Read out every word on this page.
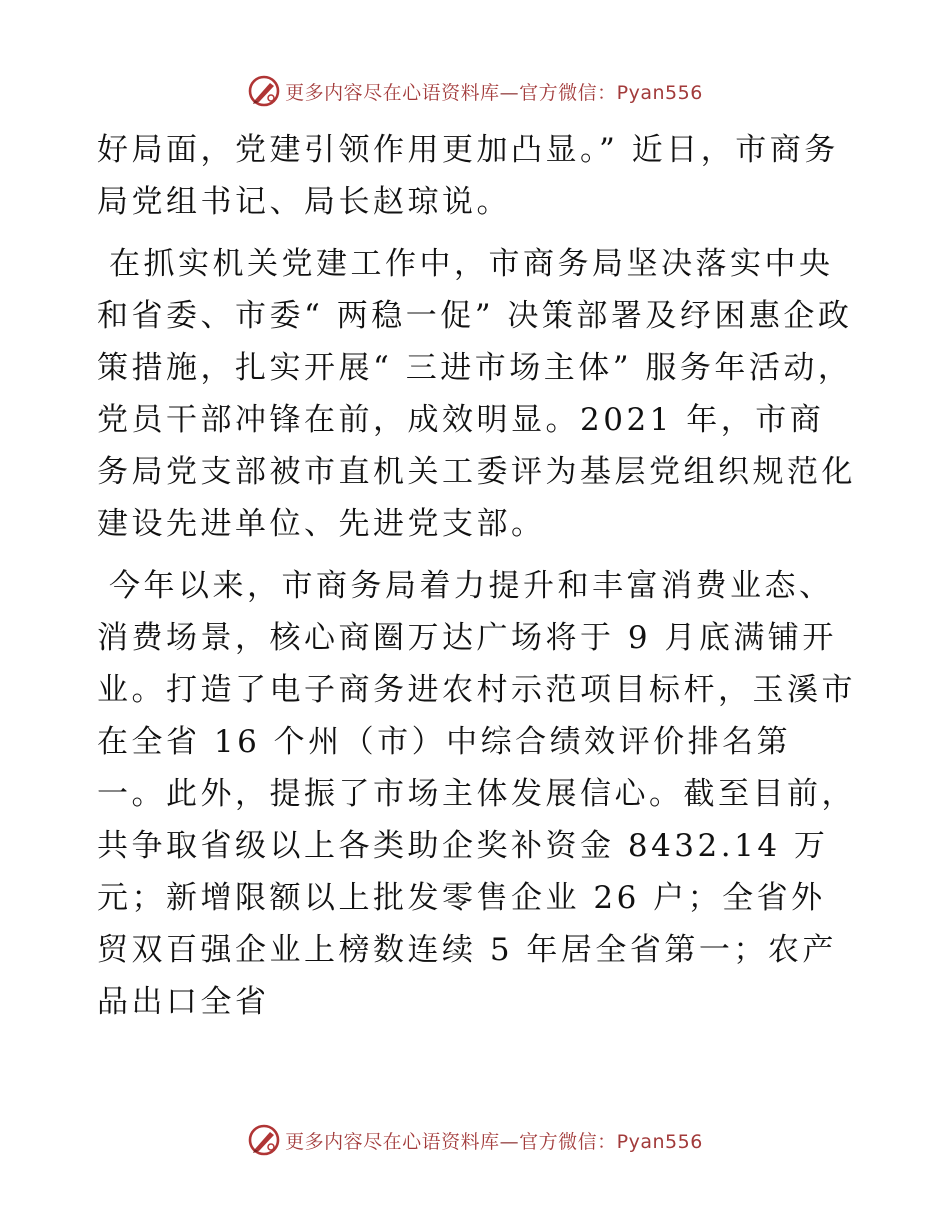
更多内容尽在心语资料库—官方微信：Pyan556

好局面，党建引领作用更加凸显。” 近日，市商务局党组书记、局长赵琼说。

在抓实机关党建工作中，市商务局坚决落实中央和省委、市委“ 两稳一促” 决策部署及纾困惠企政策措施，扎实开展“ 三进市场主体” 服务年活动，党员干部冲锋在前，成效明显。2021 年，市商务局党支部被市直机关工委评为基层党组织规范化建设先进单位、先进党支部。

今年以来，市商务局着力提升和丰富消费业态、消费场景，核心商圈万达广场将于 9 月底满铺开业。打造了电子商务进农村示范项目标杆，玉溪市在全省 16 个州（市）中综合绩效评价排名第一。此外，提振了市场主体发展信心。截至目前，共争取省级以上各类助企奖补资金 8432.14 万元；新增限额以上批发零售企业 26 户；全省外贸双百强企业上榜数连续 5 年居全省第一；农产品出口全省

更多内容尽在心语资料库—官方微信：Pyan556
